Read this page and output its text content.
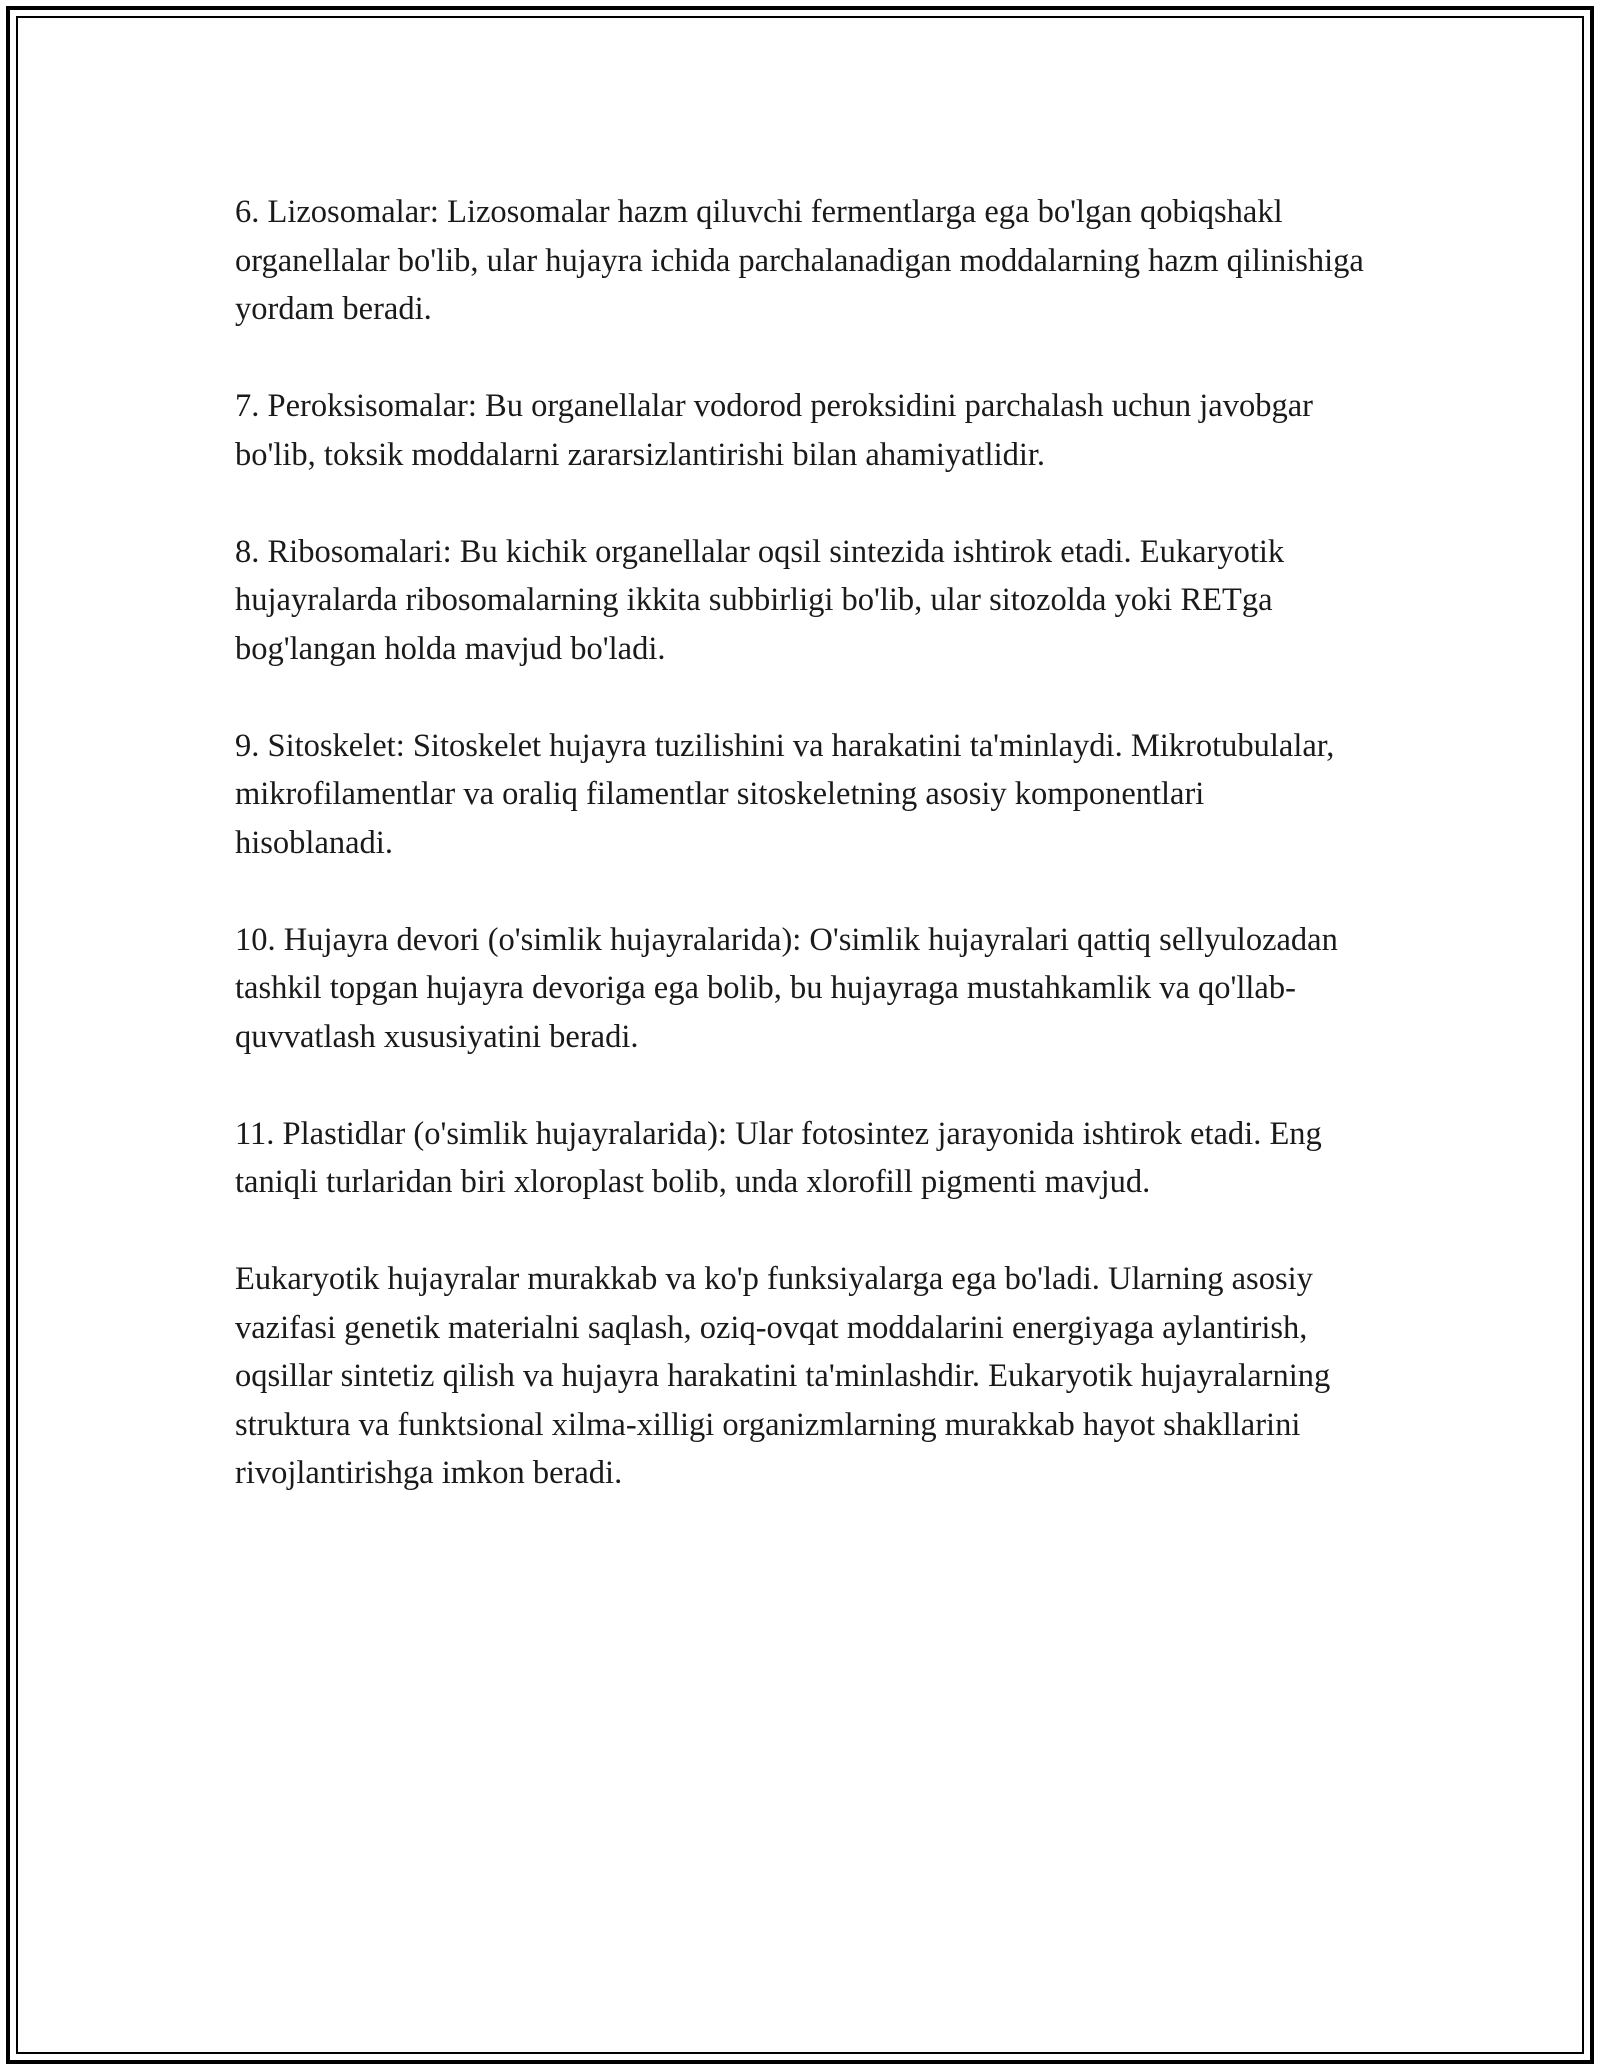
6. Lizosomalar: Lizosomalar hazm qiluvchi fermentlarga ega bo'lgan qobiqshakl organellalar bo'lib, ular hujayra ichida parchalanadigan moddalarning hazm qilinishiga yordam beradi.

7. Peroksisomalar: Bu organellalar vodorod peroksidini parchalash uchun javobgar bo'lib, toksik moddalarni zararsizlantirishi bilan ahamiyatlidir.

8. Ribosomalari: Bu kichik organellalar oqsil sintezida ishtirok etadi. Eukaryotik hujayralarda ribosomalarning ikkita subbirligi bo'lib, ular sitozolda yoki RETga bog'langan holda mavjud bo'ladi.

9. Sitoskelet: Sitoskelet hujayra tuzilishini va harakatini ta'minlaydi. Mikrotubulalar, mikrofilamentlar va oraliq filamentlar sitoskeletning asosiy komponentlari hisoblanadi.

10. Hujayra devori (o'simlik hujayralarida): O'simlik hujayralari qattiq sellyulozadan tashkil topgan hujayra devoriga ega bolib, bu hujayraga mustahkamlik va qo'llab-quvvatlash xususiyatini beradi.

11. Plastidlar (o'simlik hujayralarida): Ular fotosintez jarayonida ishtirok etadi. Eng taniqli turlaridan biri xloroplast bolib, unda xlorofill pigmenti mavjud.

Eukaryotik hujayralar murakkab va ko'p funksiyalarga ega bo'ladi. Ularning asosiy vazifasi genetik materialni saqlash, oziq-ovqat moddalarini energiyaga aylantirish, oqsillar sintetiz qilish va hujayra harakatini ta'minlashdir. Eukaryotik hujayralarning struktura va funktsional xilma-xilligi organizmlarning murakkab hayot shakllarini rivojlantirishga imkon beradi.
